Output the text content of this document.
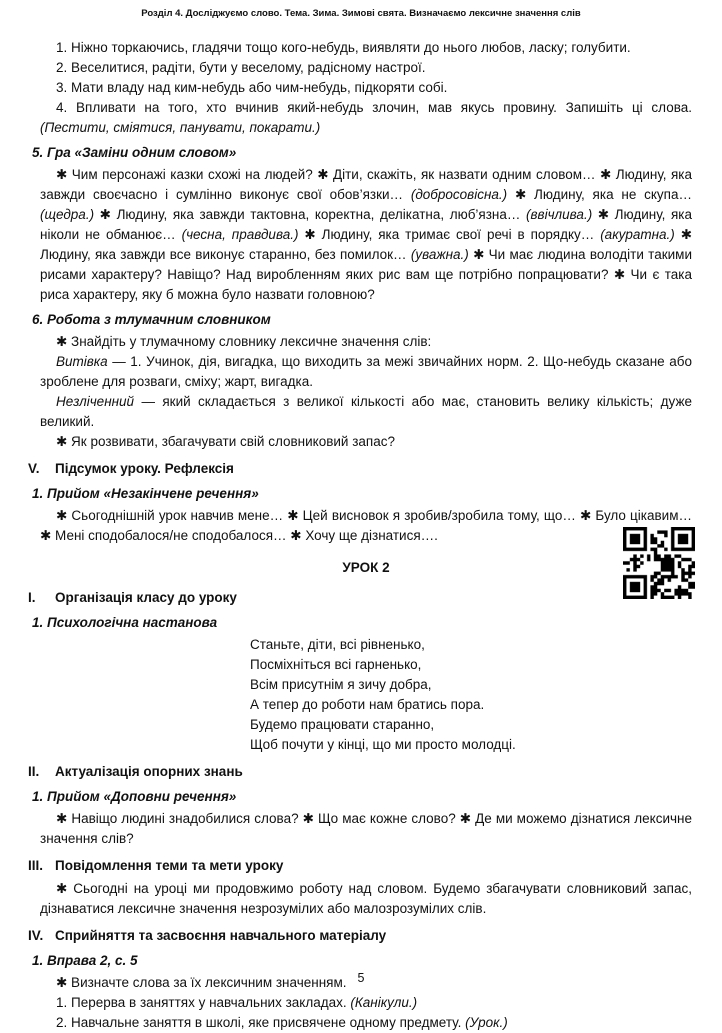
Розділ 4. Досліджуємо слово. Тема. Зима. Зимові свята. Визначаємо лексичне значення слів

1. Ніжно торкаючись, гладячи тощо кого-небудь, виявляти до нього любов, ласку; голубити.

2. Веселитися, радіти, бути у веселому, радісному настрої.

3. Мати владу над ким-небудь або чим-небудь, підкоряти собі.

4. Впливати на того, хто вчинив який-небудь злочин, мав якусь провину. Запишіть ці слова. (Пестити, сміятися, панувати, покарати.)

5. Гра «Заміни одним словом»

✱ Чим персонажі казки схожі на людей? ✱ Діти, скажіть, як назвати одним словом… ✱ Людину, яка завжди своєчасно і сумлінно виконує свої обов’язки… (добросовісна.) ✱ Людину, яка не скупа… (щедра.) ✱ Людину, яка завжди тактовна, коректна, делікатна, люб’язна… (ввічлива.) ✱ Людину, яка ніколи не обманює… (чесна, правдива.) ✱ Людину, яка тримає свої речі в порядку… (акуратна.) ✱ Людину, яка завжди все виконує старанно, без помилок… (уважна.) ✱ Чи має людина володіти такими рисами характеру? Навіщо? Над виробленням яких рис вам ще потрібно попрацювати? ✱ Чи є така риса характеру, яку б можна було назвати головною?

6. Робота з тлумачним словником

✱ Знайдіть у тлумачному словнику лексичне значення слів:

Витівка — 1. Учинок, дія, вигадка, що виходить за межі звичайних норм. 2. Що-небудь сказане або зроблене для розваги, сміху; жарт, вигадка.

Незліченний — який складається з великої кількості або має, становить велику кількість; дуже великий.

✱ Як розвивати, збагачувати свій словниковий запас?

V.	Підсумок уроку. Рефлексія

1. Прийом «Незакінчене речення»

✱ Сьогоднішній урок навчив мене… ✱ Цей висновок я зробив/зробила тому, що… ✱ Було цікавим… ✱ Мені сподобалося/не сподобалося… ✱ Хочу ще дізнатися….

УРОК 2

I.	Організація класу до уроку

1. Психологічна настанова

Станьте, діти, всі рівненько,
Посміхніться всі гарненько,
Всім присутнім я зичу добра,
А тепер до роботи нам братись пора.
Будемо працювати старанно,
Щоб почути у кінці, що ми просто молодці.
II.	Актуалізація опорних знань

1. Прийом «Доповни речення»

✱ Навіщо людині знадобилися слова? ✱ Що має кожне слово? ✱ Де ми можемо дізнатися лексичне значення слів?

III. Повідомлення теми та мети уроку

✱ Сьогодні на уроці ми продовжимо роботу над словом. Будемо збагачувати словниковий запас, дізнаватися лексичне значення незрозумілих або малозрозумілих слів.

IV. Сприйняття та засвоєння навчального матеріалу

1. Вправа 2, с. 5

✱ Визначте слова за їх лексичним значенням.

1. Перерва в заняттях у навчальних закладах. (Канікули.)

2. Навчальне заняття в школі, яке присвячене одному предмету. (Урок.)

5
